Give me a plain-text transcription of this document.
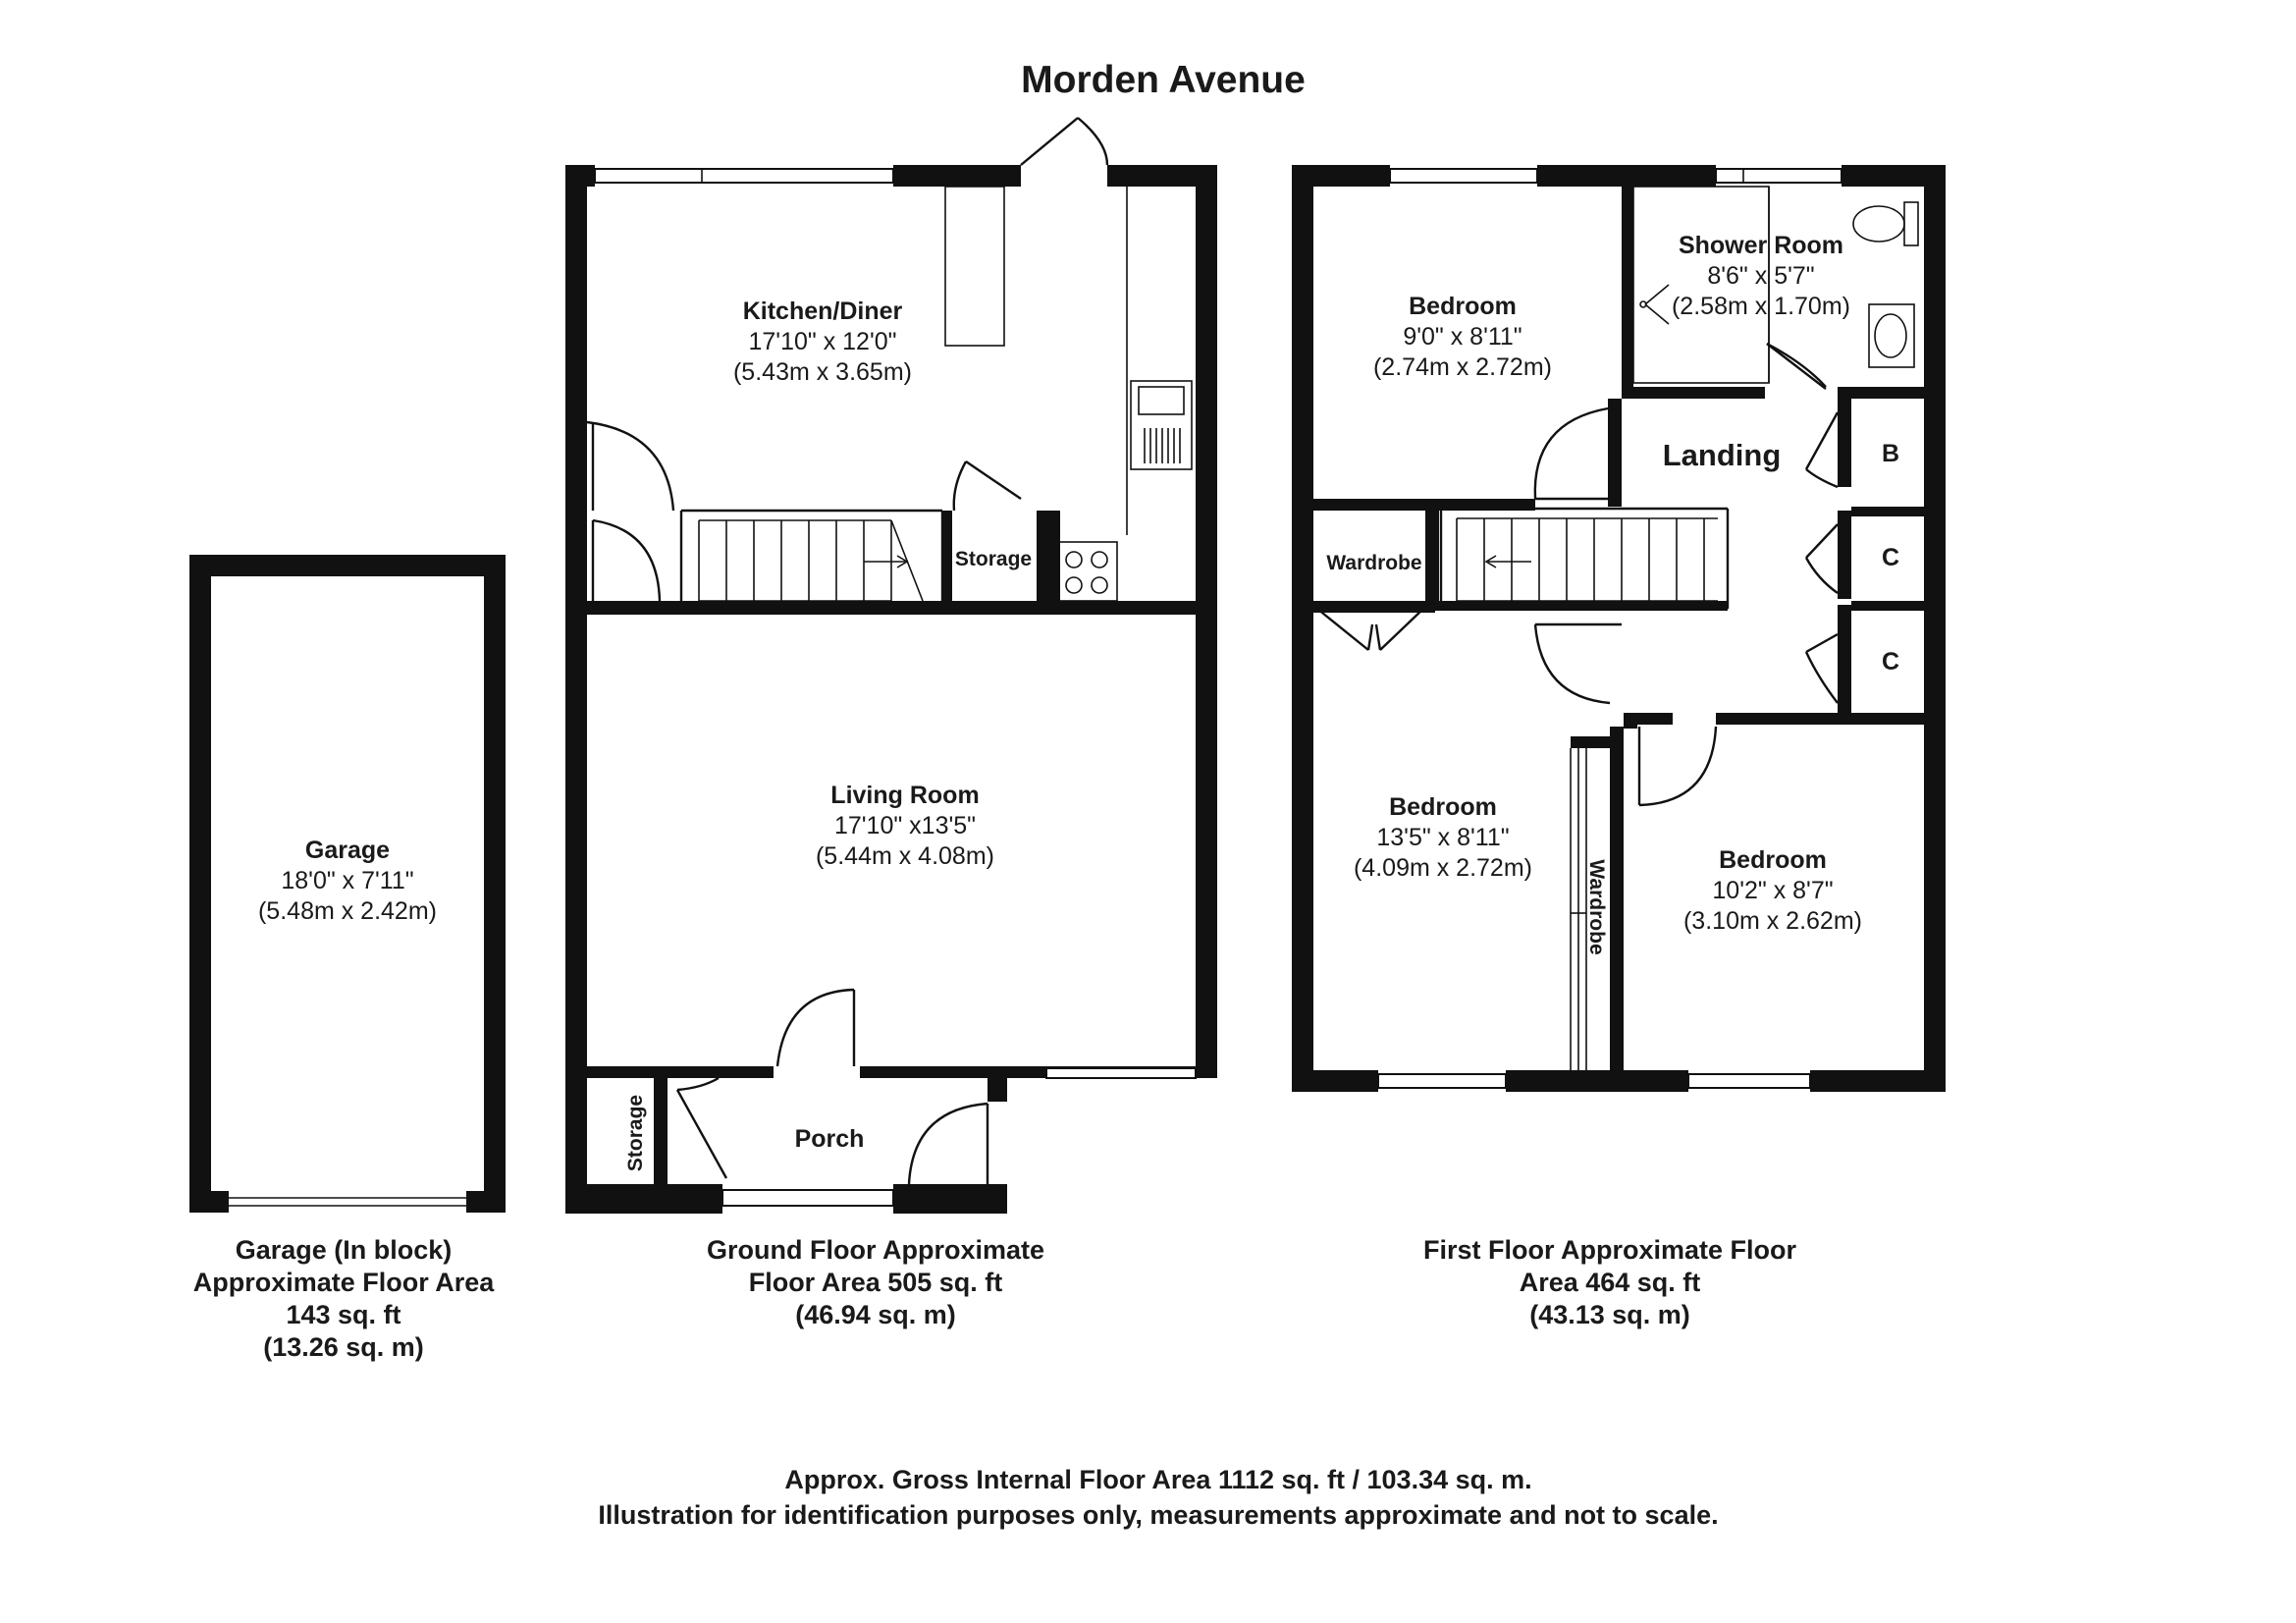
Morden Avenue
Garage
18'0" x 7'11"
(5.48m x 2.42m)
Kitchen/Diner
17'10" x 12'0"
(5.43m x 3.65m)
Storage
Living Room
17'10" x13'5"
(5.44m x 4.08m)
Porch
Storage
Bedroom
9'0" x 8'11"
(2.74m x 2.72m)
Shower Room
8'6" x 5'7"
(2.58m x 1.70m)
Landing	B
C
C
Wardrobe
Wardrobe
Bedroom
13'5" x 8'11"
(4.09m x 2.72m)	Bedroom
10'2" x 8'7"
(3.10m x 2.62m)
Garage (In block)
Approximate Floor Area
143 sq. ft
(13.26 sq. m)
Ground Floor Approximate
Floor Area 505 sq. ft
(46.94 sq. m)
First Floor Approximate Floor
Area 464 sq. ft
(43.13 sq. m)
Approx. Gross Internal Floor Area 1112 sq. ft / 103.34 sq. m.
Illustration for identification purposes only, measurements approximate and not to scale.
